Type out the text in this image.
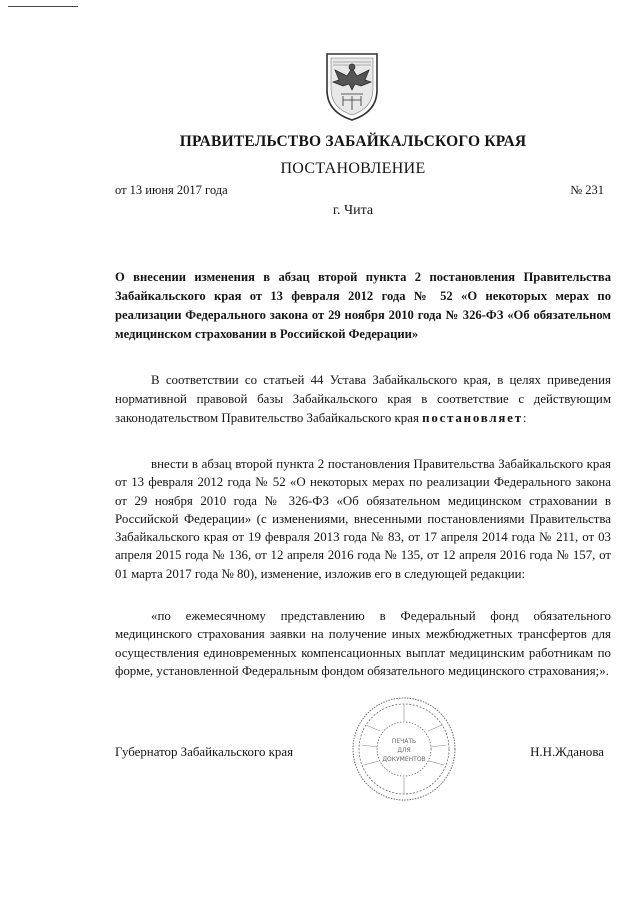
ПРАВИТЕЛЬСТВО ЗАБАЙКАЛЬСКОГО КРАЯ
ПОСТАНОВЛЕНИЕ
от 13 июня 2017 года	№ 231
г. Чита
О внесении изменения в абзац второй пункта 2 постановления Правительства Забайкальского края от 13 февраля 2012 года № 52 «О некоторых мерах по реализации Федерального закона от 29 ноября 2010 года № 326-ФЗ «Об обязательном медицинском страховании в Российской Федерации»
В соответствии со статьей 44 Устава Забайкальского края, в целях приведения нормативной правовой базы Забайкальского края в соответствие с действующим законодательством Правительство Забайкальского края постановляет:
внести в абзац второй пункта 2 постановления Правительства Забайкальского края от 13 февраля 2012 года № 52 «О некоторых мерах по реализации Федерального закона от 29 ноября 2010 года № 326-ФЗ «Об обязательном медицинском страховании в Российской Федерации» (с изменениями, внесенными постановлениями Правительства Забайкальского края от 19 февраля 2013 года № 83, от 17 апреля 2014 года № 211, от 03 апреля 2015 года № 136, от 12 апреля 2016 года № 135, от 12 апреля 2016 года № 157, от 01 марта 2017 года № 80), изменение, изложив его в следующей редакции:
«по ежемесячному представлению в Федеральный фонд обязательного медицинского страхования заявки на получение иных межбюджетных трансфертов для осуществления единовременных компенсационных выплат медицинским работникам по форме, установленной Федеральным фондом обязательного медицинского страхования;».
ПЕЧАТЬ
ДЛЯ
ДОКУМЕНТОВ
Губернатор Забайкальского края	Н.Н.Жданова
